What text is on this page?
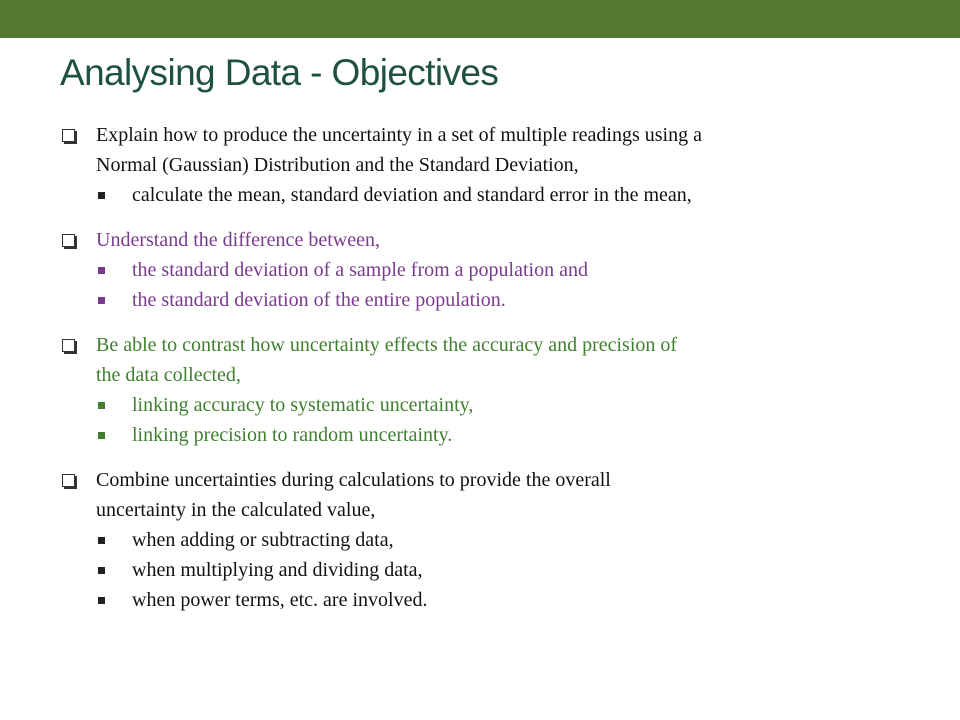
Analysing Data - Objectives
Explain how to produce the uncertainty in a set of multiple readings using a
Normal (Gaussian) Distribution and the Standard Deviation,
calculate the mean, standard deviation and standard error in the mean,
Understand the difference between,
the standard deviation of a sample from a population and
the standard deviation of the entire population.
Be able to contrast how uncertainty effects the accuracy and precision of
the data collected,
linking accuracy to systematic uncertainty,
linking precision to random uncertainty.
Combine uncertainties during calculations to provide the overall
uncertainty in the calculated value,
when adding or subtracting data,
when multiplying and dividing data,
when power terms, etc. are involved.
